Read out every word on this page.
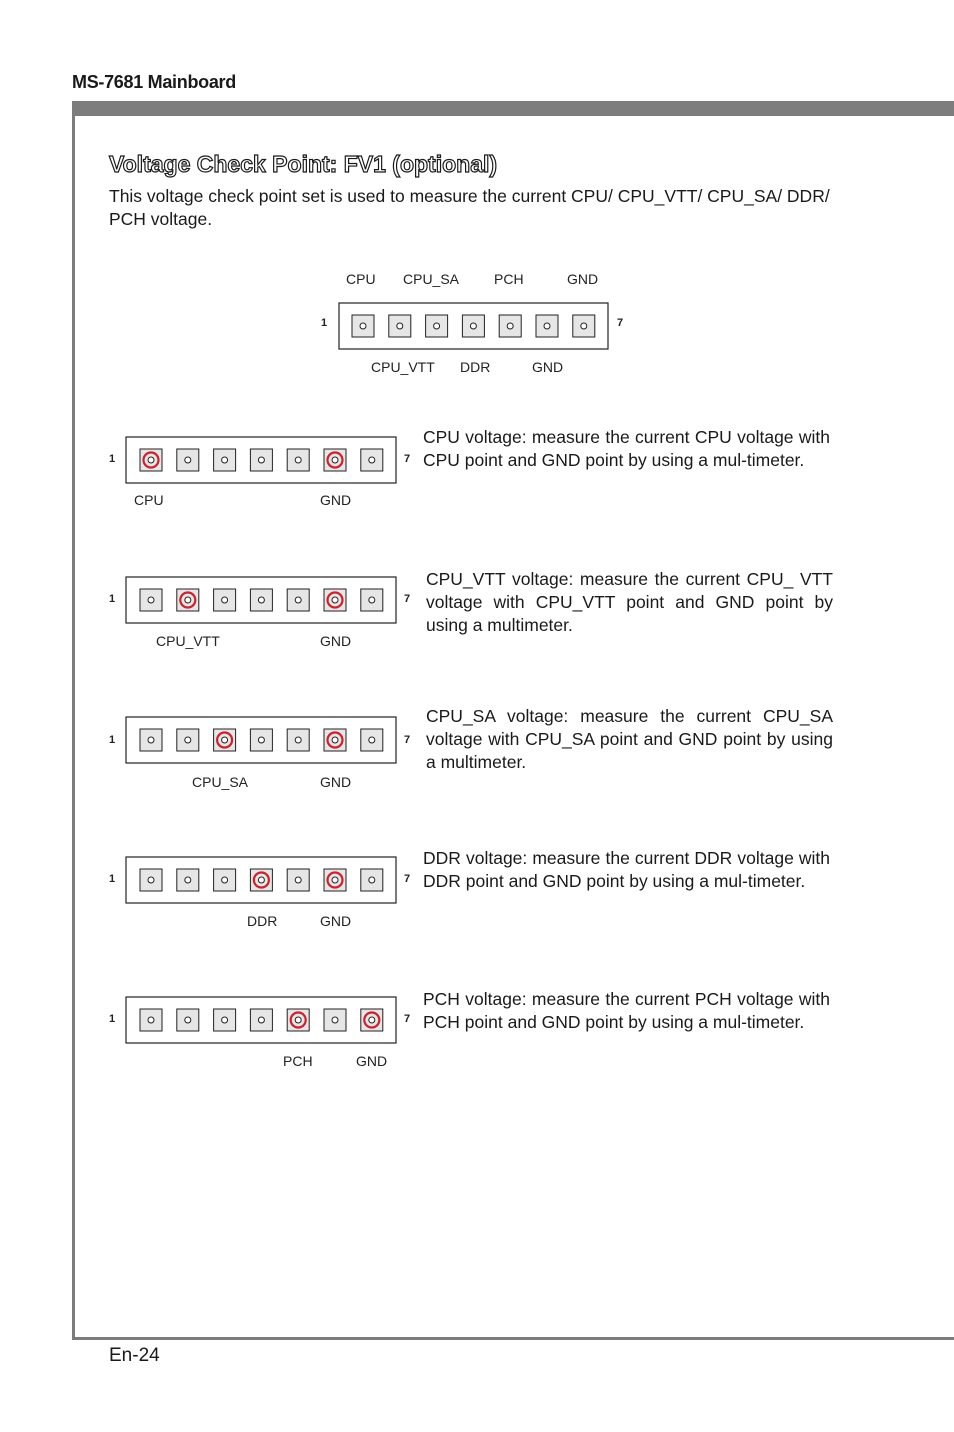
MS-7681 Mainboard
En-24
Voltage Check Point: FV1 (optional)
This voltage check point set is used to measure the current CPU/ CPU_VTT/ CPU_SA/ DDR/ PCH voltage.
CPU CPU_SA PCH	GND
CPU_VTT DDR	GND
1	7
1	7
CPU	GND
CPU voltage: measure the current CPU voltage with CPU point and GND point by using a mul-timeter.
1	7
CPU_VTT	GND
CPU_VTT voltage: measure the current CPU_ VTT voltage with CPU_VTT point and GND point by using a multimeter.
1	7
CPU_SA	GND
CPU_SA voltage: measure the current CPU_SA voltage with CPU_SA point and GND point by using a multimeter.
1	7
DDR	GND
DDR voltage: measure the current DDR voltage with DDR point and GND point by using a mul-timeter.
1	7
PCH	GND
PCH voltage: measure the current PCH voltage with PCH point and GND point by using a mul-timeter.
